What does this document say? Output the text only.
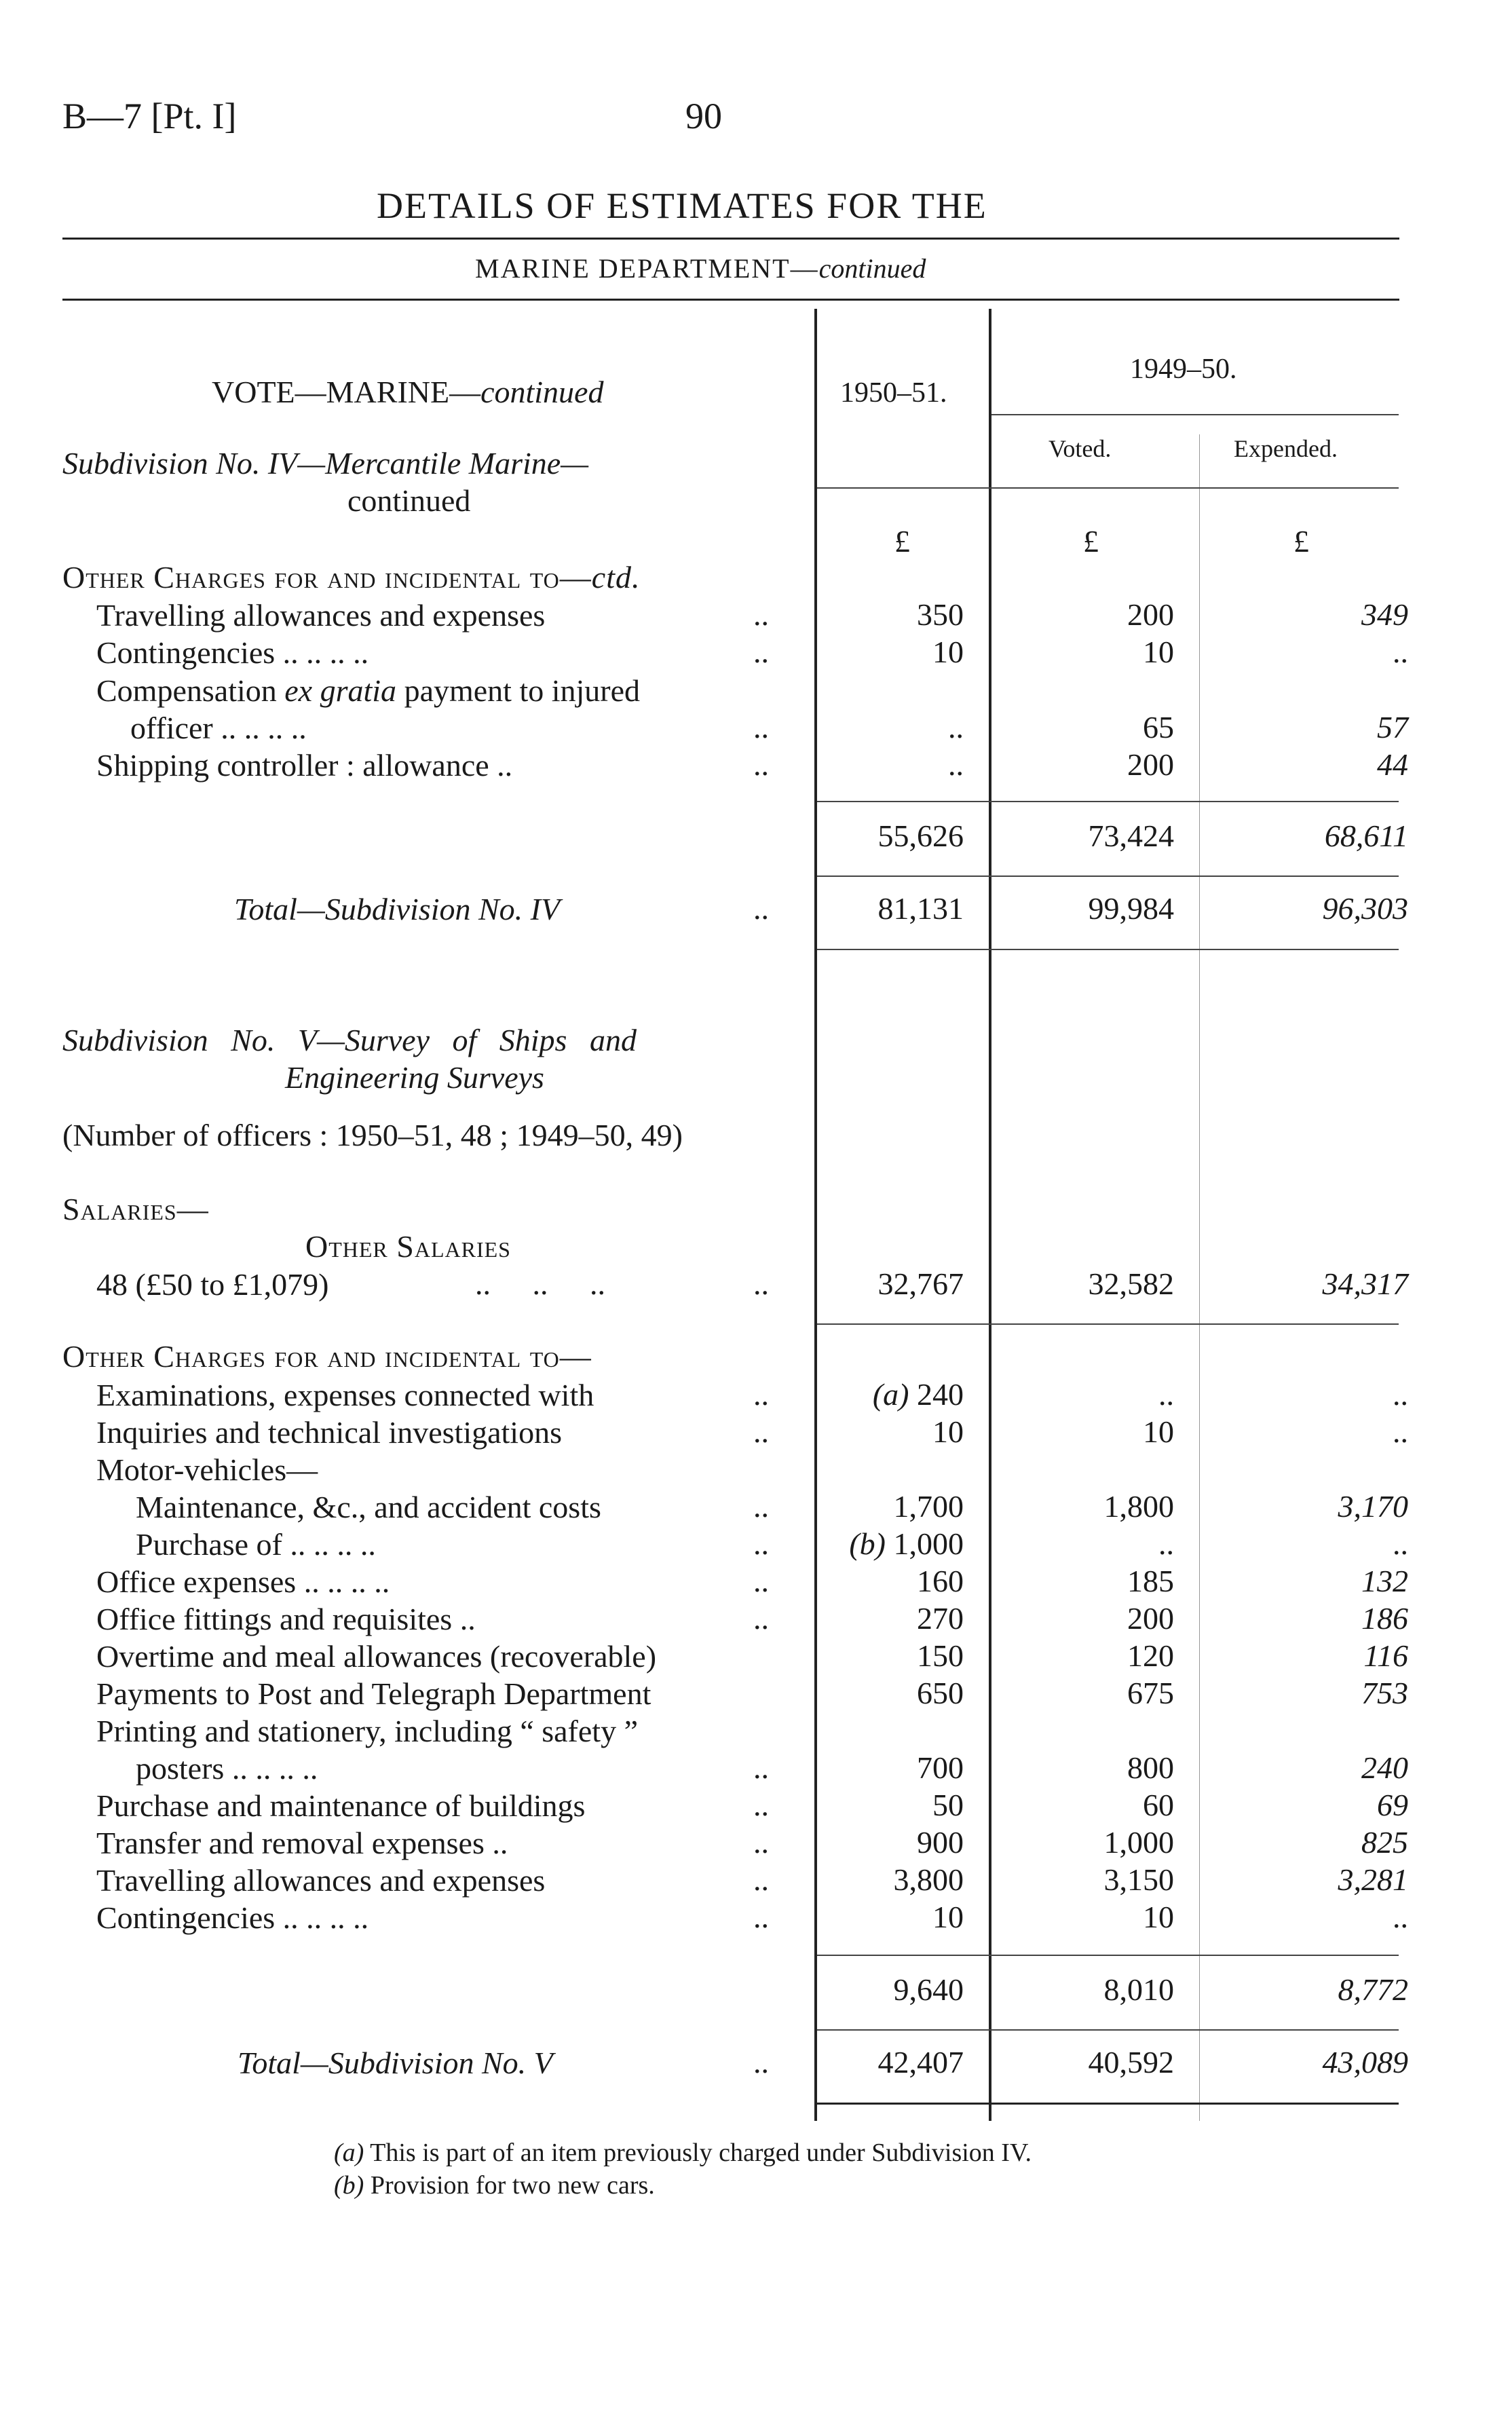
B—7 [Pt. I]	90
DETAILS OF ESTIMATES FOR THE
MARINE DEPARTMENT—continued
1950–51.
1949–50.
Voted.	Expended.
£	£	£
VOTE—MARINE—continued
Subdivision No. IV—Mercantile Marine—
continued
Other Charges for and incidental to—ctd.
Travelling allowances and expenses	..	350	200	349
Contingencies .. .. .. ..	..	10	10	..
Compensation ex gratia payment to injured
officer .. .. .. ..	..	..	65	57
Shipping controller : allowance ..	..	..	200	44
55,626	73,424	68,611
Total—Subdivision No. IV	..	81,131	99,984	96,303
Subdivision No. V—Survey of Ships and
Engineering Surveys
(Number of officers : 1950–51, 48 ; 1949–50, 49)
Salaries—
Other Salaries
48 (£50 to £1,079)	.. .. ..	..	32,767	32,582	34,317
Other Charges for and incidental to—
Examinations, expenses connected with	..	(a) 240	..	..
Inquiries and technical investigations	..	10	10	..
Motor-vehicles—
Maintenance, &c., and accident costs	..	1,700	1,800	3,170
Purchase of .. .. .. ..	..	(b) 1,000	..	..
Office expenses .. .. .. ..	..	160	185	132
Office fittings and requisites ..	..	270	200	186
Overtime and meal allowances (recoverable)	150	120	116
Payments to Post and Telegraph Department	650	675	753
Printing and stationery, including “ safety ”
posters .. .. .. ..	..	700	800	240
Purchase and maintenance of buildings	..	50	60	69
Transfer and removal expenses ..	..	900	1,000	825
Travelling allowances and expenses	..	3,800	3,150	3,281
Contingencies .. .. .. ..	..	10	10	..
9,640	8,010	8,772
Total—Subdivision No. V	..	42,407	40,592	43,089
(a) This is part of an item previously charged under Subdivision IV.
(b) Provision for two new cars.
